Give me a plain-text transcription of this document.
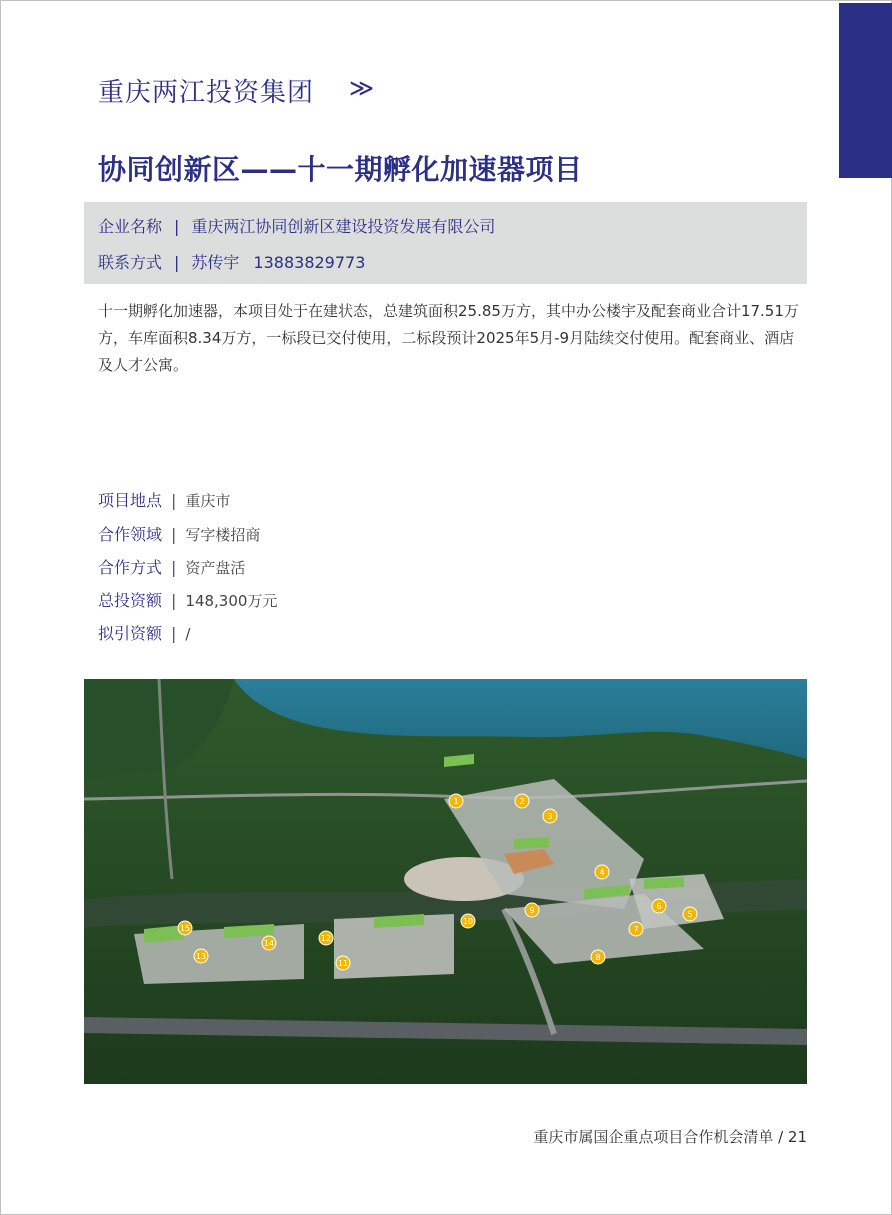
重庆两江投资集团 ≫
协同创新区——十一期孵化加速器项目
企业名称 | 重庆两江协同创新区建设投资发展有限公司
联系方式 | 苏传宇 13883829773
十一期孵化加速器，本项目处于在建状态，总建筑面积25.85万方，其中办公楼宇及配套商业合计17.51万方，车库面积8.34万方，一标段已交付使用，二标段预计2025年5月-9月陆续交付使用。配套商业、酒店及人才公寓。
项目地点 | 重庆市
合作领域 | 写字楼招商
合作方式 | 资产盘活
总投资额 | 148,300万元
拟引资额 | /
1	2
3
4
5
6
7
8
9
10
11
12
13
14
15
重庆市属国企重点项目合作机会清单 / 21
